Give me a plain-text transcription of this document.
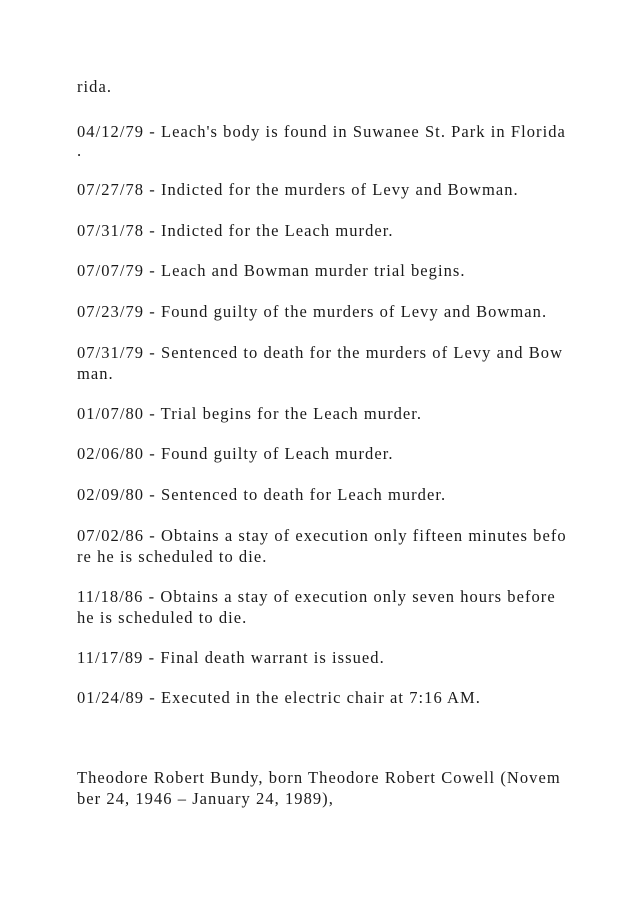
rida.

04/12/79 - Leach's body is found in Suwanee St. Park in Florida

.

07/27/78 - Indicted for the murders of Levy and Bowman.

07/31/78 - Indicted for the Leach murder.

07/07/79 - Leach and Bowman murder trial begins.

07/23/79 - Found guilty of the murders of Levy and Bowman.

07/31/79 - Sentenced to death for the murders of Levy and Bow

man.

01/07/80 - Trial begins for the Leach murder.

02/06/80 - Found guilty of Leach murder.

02/09/80 - Sentenced to death for Leach murder.

07/02/86 - Obtains a stay of execution only fifteen minutes befo

re he is scheduled to die.

11/18/86 - Obtains a stay of execution only seven hours before

he is scheduled to die.

11/17/89 - Final death warrant is issued.

01/24/89 - Executed in the electric chair at 7:16 AM.

Theodore Robert Bundy, born Theodore Robert Cowell (Novem

ber 24, 1946 – January 24, 1989),
